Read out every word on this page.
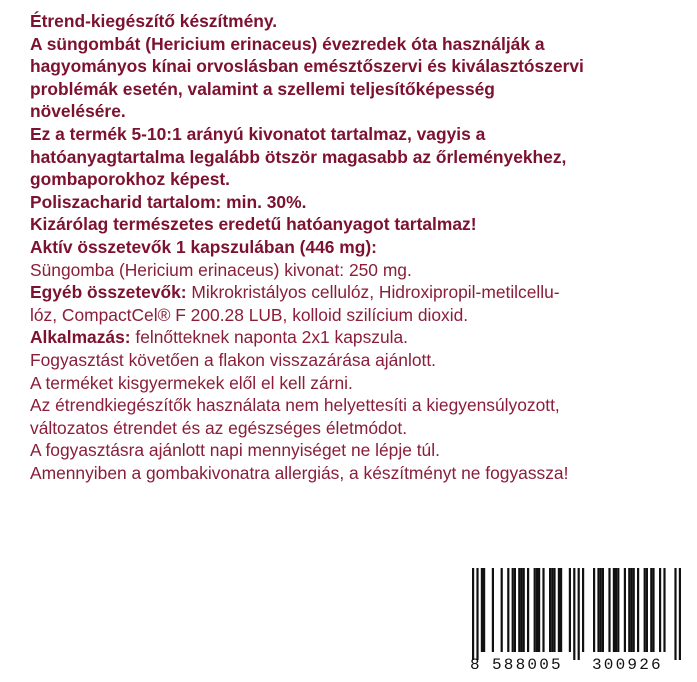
Étrend-kiegészítő készítmény.
A süngombát (Hericium erinaceus) évezredek óta használják a
hagyományos kínai orvoslásban emésztőszervi és kiválasztószervi
problémák esetén, valamint a szellemi teljesítőképesség
növelésére.
Ez a termék 5-10:1 arányú kivonatot tartalmaz, vagyis a
hatóanyagtartalma legalább ötször magasabb az őrleményekhez,
gombaporokhoz képest.
Poliszacharid tartalom: min. 30%.
Kizárólag természetes eredetű hatóanyagot tartalmaz!
Aktív összetevők 1 kapszulában (446 mg):
Süngomba (Hericium erinaceus) kivonat: 250 mg.
Egyéb összetevők: Mikrokristályos cellulóz, Hidroxipropil-metilcellu-
lóz, CompactCel® F 200.28 LUB, kolloid szilícium dioxid.
Alkalmazás: felnőtteknek naponta 2x1 kapszula.
Fogyasztást követően a flakon visszazárása ajánlott.
A terméket kisgyermekek elől el kell zárni.
Az étrendkiegészítők használata nem helyettesíti a kiegyensúlyozott,
változatos étrendet és az egészséges életmódot.
A fogyasztásra ajánlott napi mennyiséget ne lépje túl.
Amennyiben a gombakivonatra allergiás, a készítményt ne fogyassza!
8 588005 300926
